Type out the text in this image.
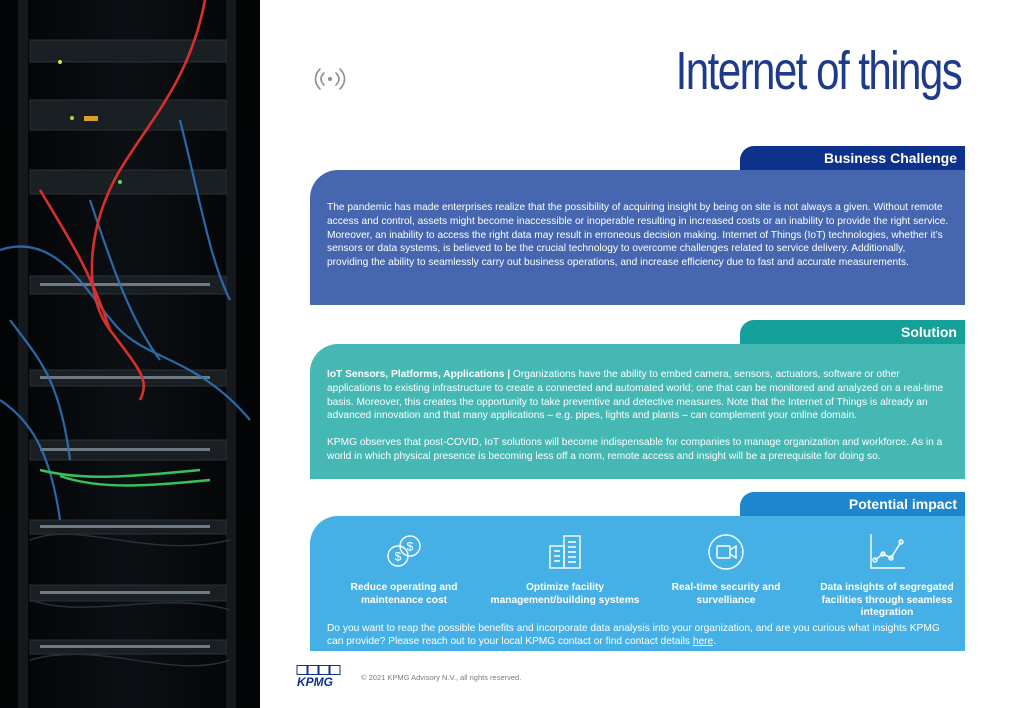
Internet of things
Business Challenge

The pandemic has made enterprises realize that the possibility of acquiring insight by being on site is not always a given. Without remote access and control, assets might become inaccessible or inoperable resulting in increased costs or an inability to provide the right service. Moreover, an inability to access the right data may result in erroneous decision making. Internet of Things (IoT) technologies, whether it’s sensors or data systems, is believed to be the crucial technology to overcome challenges related to service delivery. Additionally, providing the ability to seamlessly carry out business operations, and increase efficiency due to fast and accurate measurements.

Solution

IoT Sensors, Platforms, Applications | Organizations have the ability to embed camera, sensors, actuators, software or other applications to existing infrastructure to create a connected and automated world; one that can be monitored and analyzed on a real-time basis. Moreover, this creates the opportunity to take preventive and detective measures. Note that the Internet of Things is already an advanced innovation and that many applications – e.g. pipes, lights and plants – can complement your online domain.

KPMG observes that post-COVID, IoT solutions will become indispensable for companies to manage organization and workforce. As in a world in which physical presence is becoming less off a norm, remote access and insight will be a prerequisite for doing so.

Potential impact
$
$
Reduce operating and maintenance cost
Optimize facility management/building systems
Real-time security and survelliance
Data insights of segregated facilities through seamless integration

Do you want to reap the possible benefits and incorporate data analysis into your organization, and are you curious what insights KPMG can provide? Please reach out to your local KPMG contact or find contact details here.

KPMG	© 2021 KPMG Advisory N.V., all rights reserved.
